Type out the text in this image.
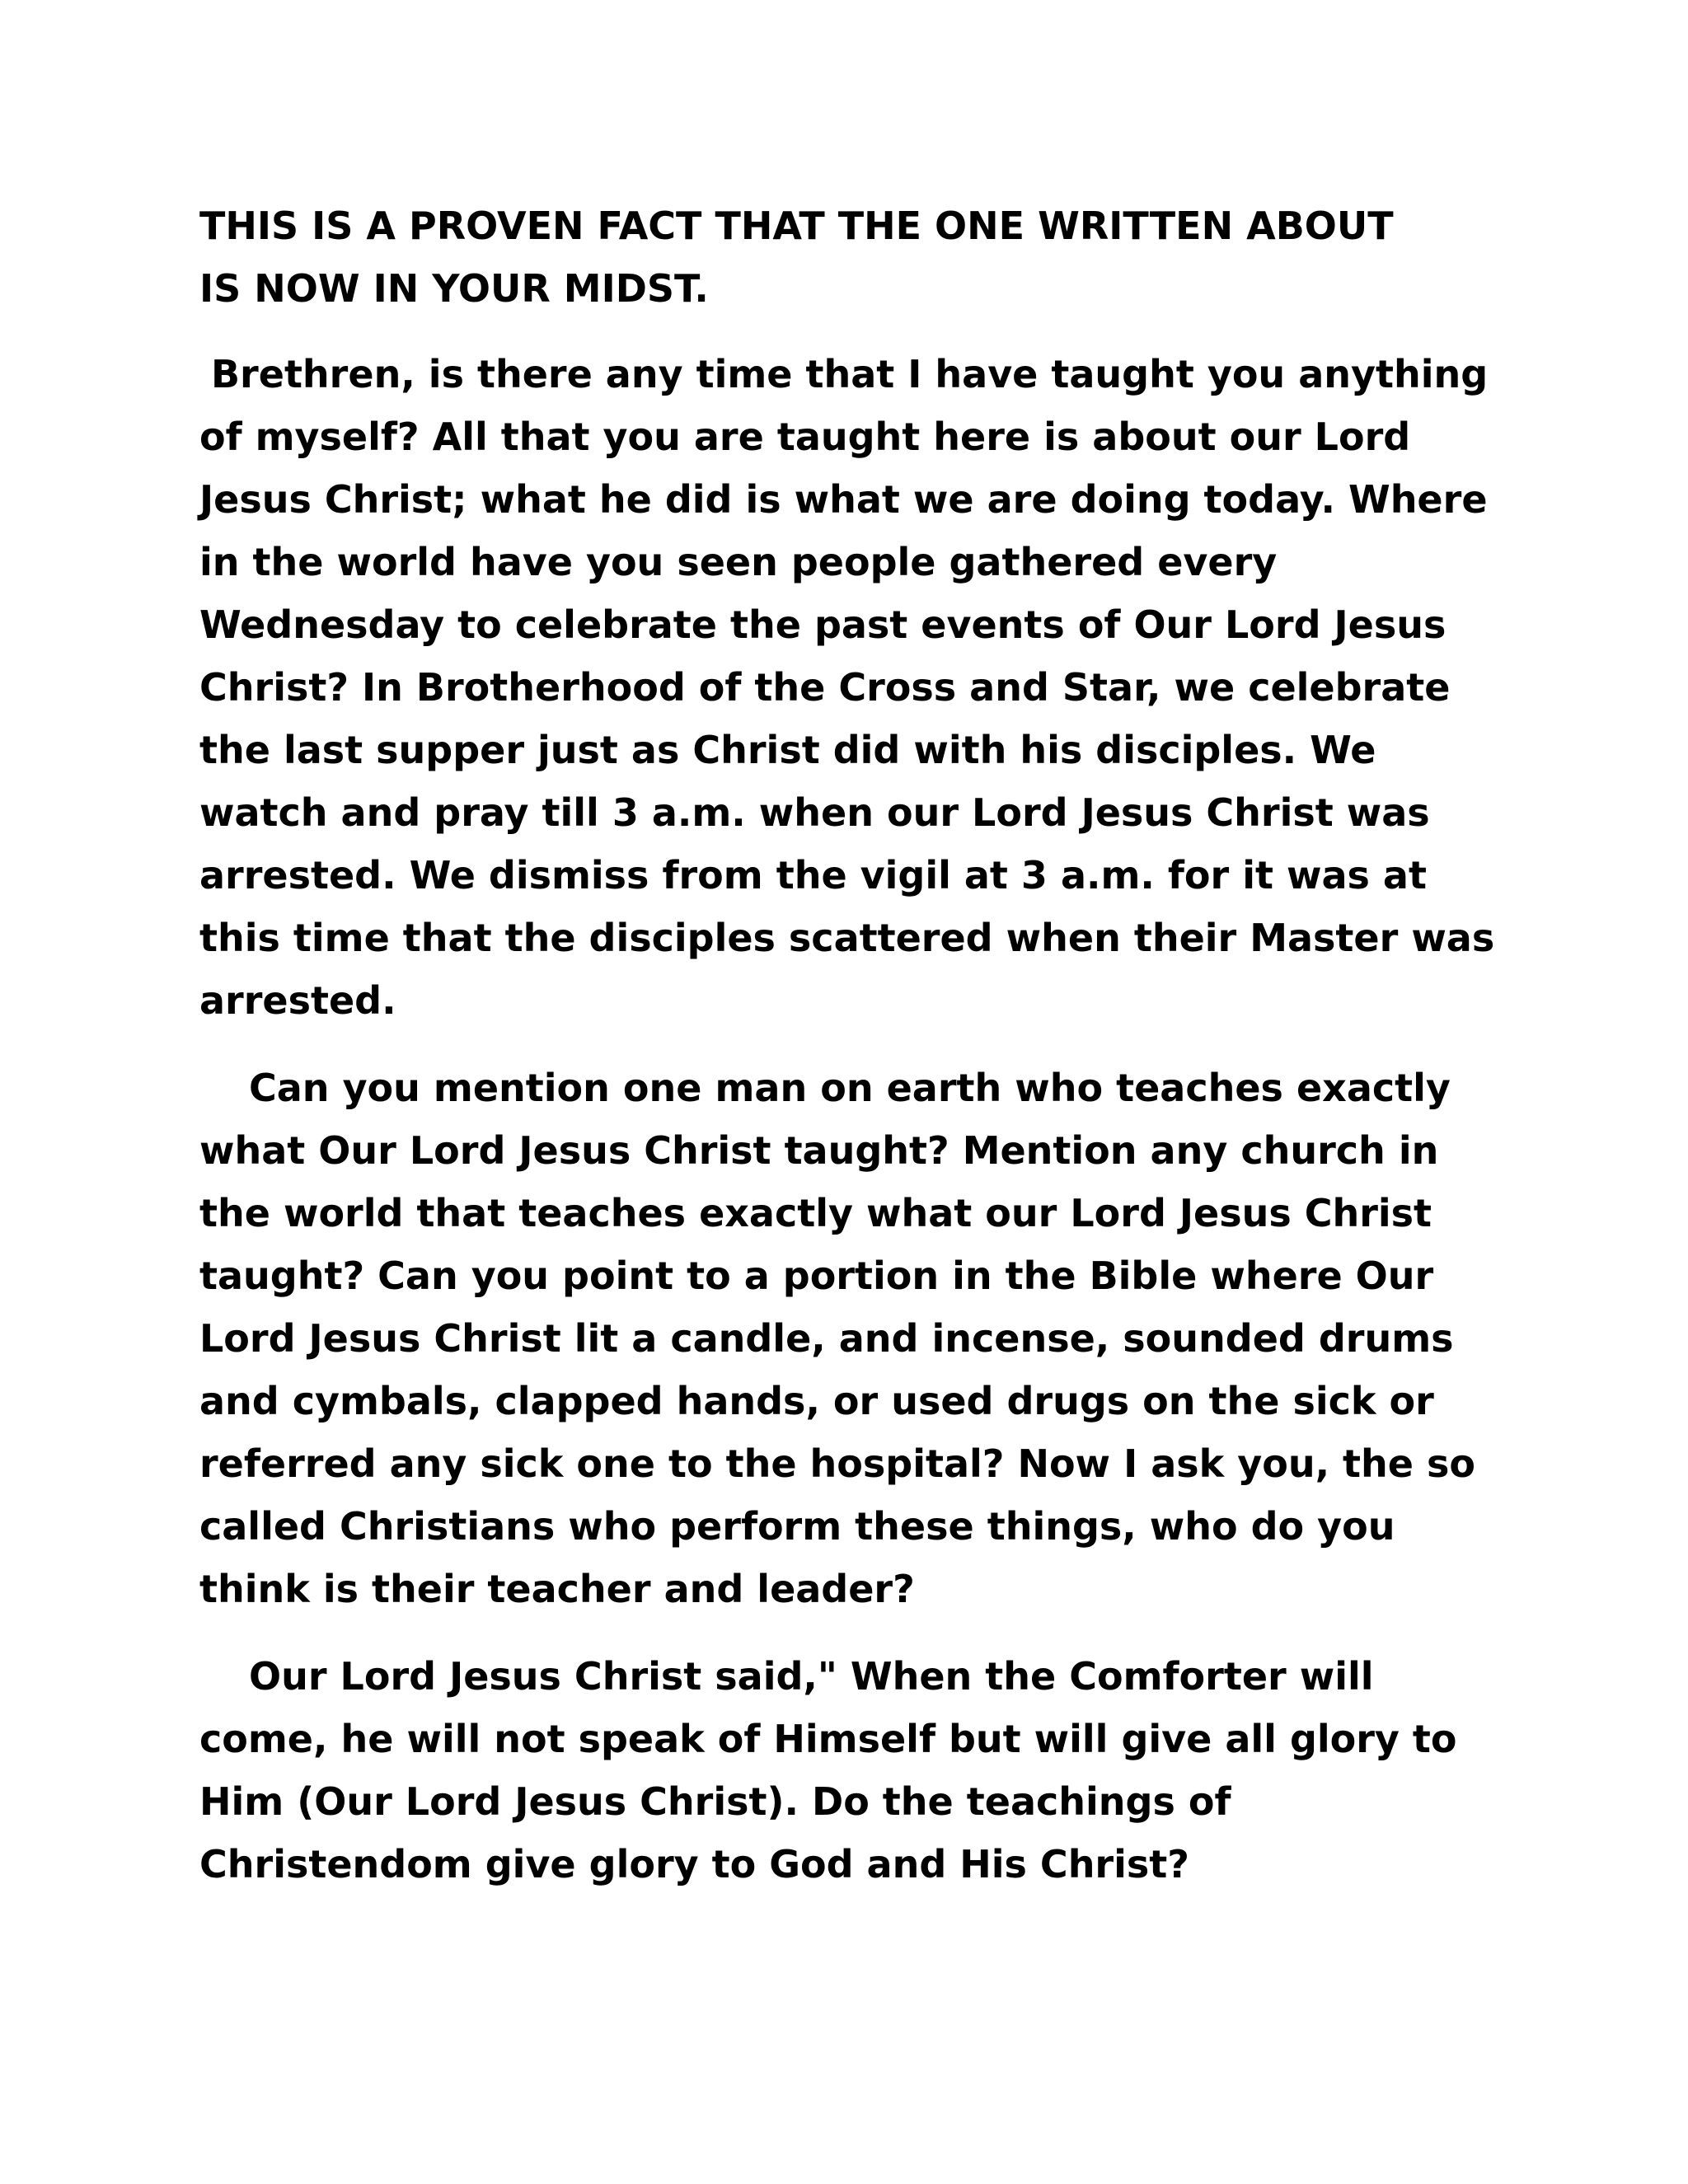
THIS IS A PROVEN FACT THAT THE ONE WRITTEN ABOUT
IS NOW IN YOUR MIDST.
Brethren, is there any time that I have taught you anything
of myself? All that you are taught here is about our Lord
Jesus Christ; what he did is what we are doing today. Where
in the world have you seen people gathered every
Wednesday to celebrate the past events of Our Lord Jesus
Christ? In Brotherhood of the Cross and Star, we celebrate
the last supper just as Christ did with his disciples. We
watch and pray till 3 a.m. when our Lord Jesus Christ was
arrested. We dismiss from the vigil at 3 a.m. for it was at
this time that the disciples scattered when their Master was
arrested.
Can you mention one man on earth who teaches exactly
what Our Lord Jesus Christ taught? Mention any church in
the world that teaches exactly what our Lord Jesus Christ
taught? Can you point to a portion in the Bible where Our
Lord Jesus Christ lit a candle, and incense, sounded drums
and cymbals, clapped hands, or used drugs on the sick or
referred any sick one to the hospital? Now I ask you, the so
called Christians who perform these things, who do you
think is their teacher and leader?
Our Lord Jesus Christ said," When the Comforter will
come, he will not speak of Himself but will give all glory to
Him (Our Lord Jesus Christ). Do the teachings of
Christendom give glory to God and His Christ?
